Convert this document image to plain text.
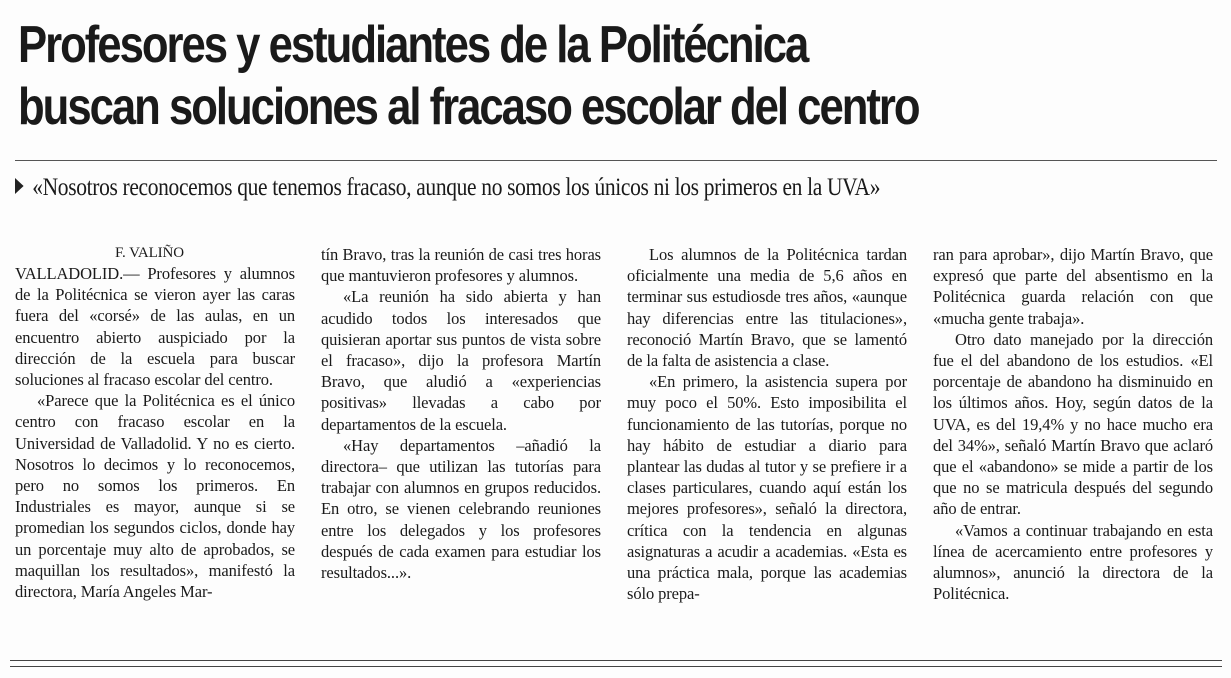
Profesores y estudiantes de la Politécnica
buscan soluciones al fracaso escolar del centro
«Nosotros reconocemos que tenemos fracaso, aunque no somos los únicos ni los primeros en la UVA»
F. VALIÑO

VALLADOLID.— Profesores y alumnos de la Politécnica se vieron ayer las caras fuera del «corsé» de las aulas, en un encuentro abierto auspiciado por la dirección de la escuela para buscar soluciones al fracaso escolar del centro.

«Parece que la Politécnica es el único centro con fracaso escolar en la Universidad de Valladolid. Y no es cierto. Nosotros lo decimos y lo reconocemos, pero no somos los primeros. En Industriales es mayor, aunque si se promedian los segundos ciclos, donde hay un porcentaje muy alto de aprobados, se maquillan los resultados», manifestó la directora, María Angeles Mar-

tín Bravo, tras la reunión de casi tres horas que mantuvieron profesores y alumnos.

«La reunión ha sido abierta y han acudido todos los interesados que quisieran aportar sus puntos de vista sobre el fracaso», dijo la profesora Martín Bravo, que aludió a «experiencias positivas» llevadas a cabo por departamentos de la escuela.

«Hay departamentos –añadió la directora– que utilizan las tutorías para trabajar con alumnos en grupos reducidos. En otro, se vienen celebrando reuniones entre los delegados y los profesores después de cada examen para estudiar los resultados...».

Los alumnos de la Politécnica tardan oficialmente una media de 5,6 años en terminar sus estudiosde tres años, «aunque hay diferencias entre las titulaciones», reconoció Martín Bravo, que se lamentó de la falta de asistencia a clase.

«En primero, la asistencia supera por muy poco el 50%. Esto imposibilita el funcionamiento de las tutorías, porque no hay hábito de estudiar a diario para plantear las dudas al tutor y se prefiere ir a clases particulares, cuando aquí están los mejores profesores», señaló la directora, crítica con la tendencia en algunas asignaturas a acudir a academias. «Esta es una práctica mala, porque las academias sólo prepa-

ran para aprobar», dijo Martín Bravo, que expresó que parte del absentismo en la Politécnica guarda relación con que «mucha gente trabaja».

Otro dato manejado por la dirección fue el del abandono de los estudios. «El porcentaje de abandono ha disminuido en los últimos años. Hoy, según datos de la UVA, es del 19,4% y no hace mucho era del 34%», señaló Martín Bravo que aclaró que el «abandono» se mide a partir de los que no se matricula después del segundo año de entrar.

«Vamos a continuar trabajando en esta línea de acercamiento entre profesores y alumnos», anunció la directora de la Politécnica.
